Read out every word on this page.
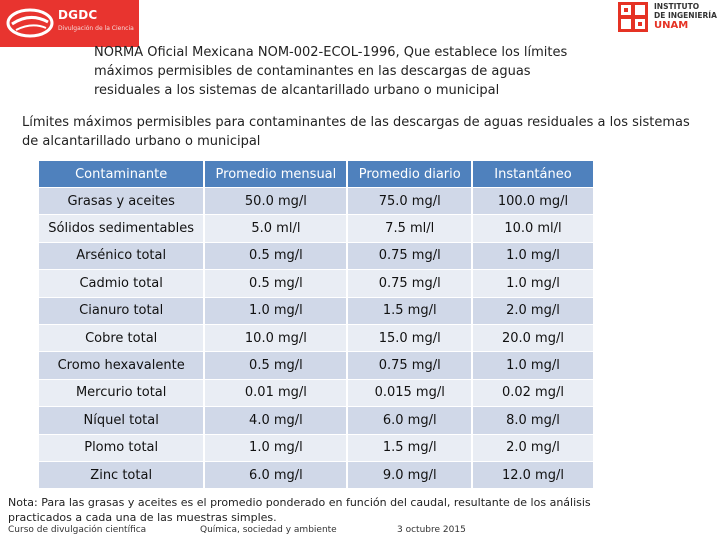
DGDC
Divulgación de la Ciencia
INSTITUTO
DE INGENIERÍA
UNAM
NORMA Oficial Mexicana NOM-002-ECOL-1996, Que establece los límites máximos permisibles de contaminantes en las descargas de aguas residuales a los sistemas de alcantarillado urbano o municipal
Límites máximos permisibles para contaminantes de las descargas de aguas residuales a los sistemas de alcantarillado urbano o municipal
Contaminante	Promedio mensual	Promedio diario	Instantáneo
Grasas y aceites	50.0 mg/l	75.0 mg/l	100.0 mg/l
Sólidos sedimentables	5.0 ml/l	7.5 ml/l	10.0 ml/l
Arsénico total	0.5 mg/l	0.75 mg/l	1.0 mg/l
Cadmio total	0.5 mg/l	0.75 mg/l	1.0 mg/l
Cianuro total	1.0 mg/l	1.5 mg/l	2.0 mg/l
Cobre total	10.0 mg/l	15.0 mg/l	20.0 mg/l
Cromo hexavalente	0.5 mg/l	0.75 mg/l	1.0 mg/l
Mercurio total	0.01 mg/l	0.015 mg/l	0.02 mg/l
Níquel total	4.0 mg/l	6.0 mg/l	8.0 mg/l
Plomo total	1.0 mg/l	1.5 mg/l	2.0 mg/l
Zinc total	6.0 mg/l	9.0 mg/l	12.0 mg/l
Nota: Para las grasas y aceites es el promedio ponderado en función del caudal, resultante de los análisis practicados a cada una de las muestras simples.
Curso de divulgación científica	Química, sociedad y ambiente	3 octubre 2015
